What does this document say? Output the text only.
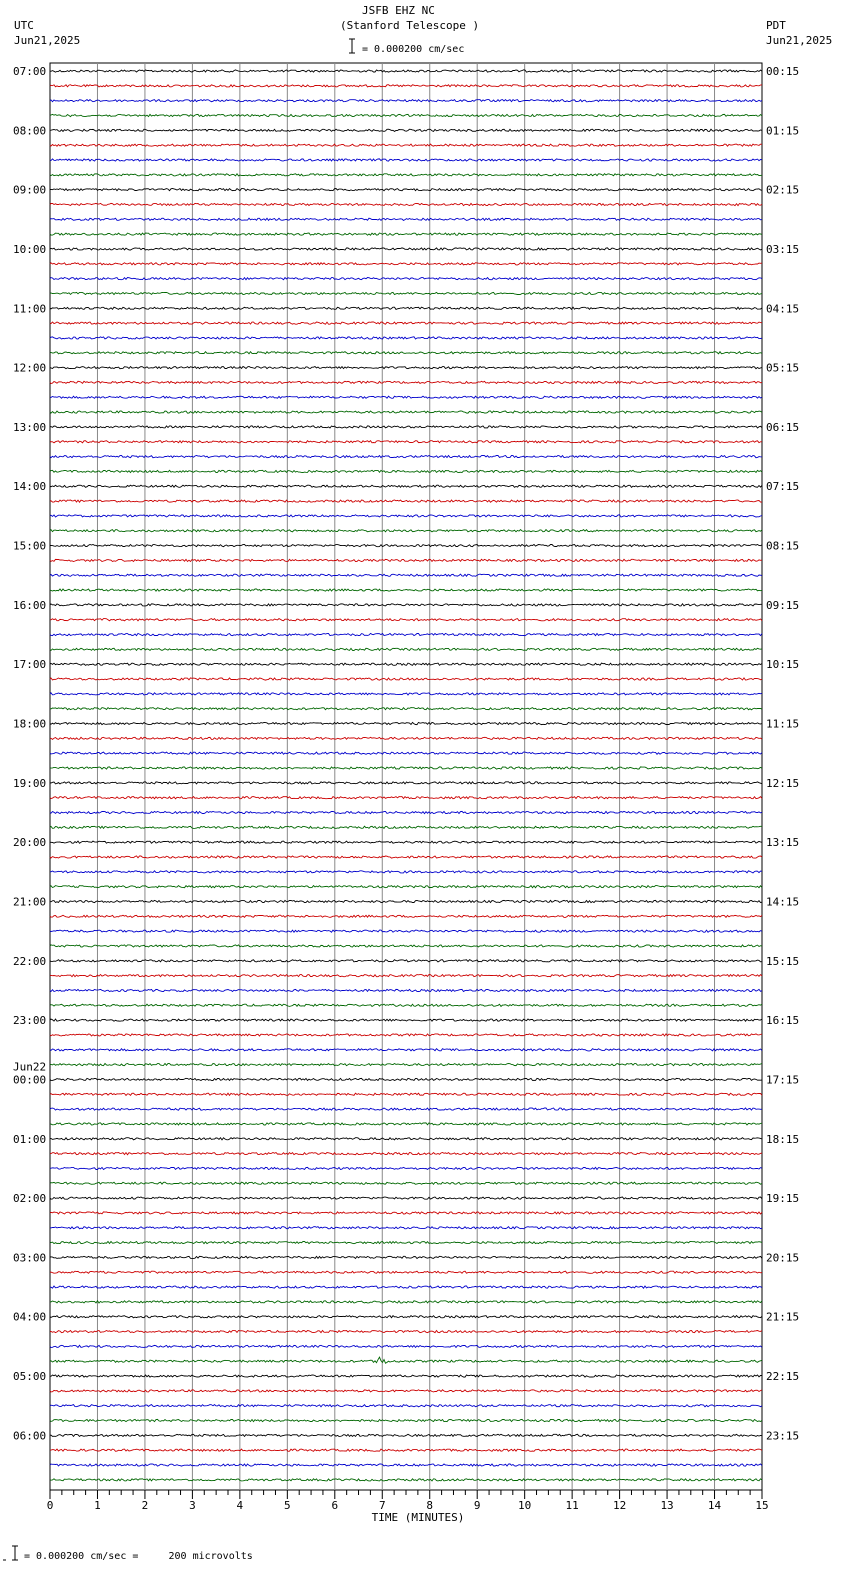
JSFB EHZ NC
(Stanford Telescope )
= 0.000200 cm/sec
UTC
Jun21,2025
PDT
Jun21,2025
07:00	00:15
08:00	01:15
09:00	02:15
10:00	03:15
11:00	04:15
12:00	05:15
13:00	06:15
14:00	07:15
15:00	08:15
16:00	09:15
17:00	10:15
18:00	11:15
19:00	12:15
20:00	13:15
21:00	14:15
22:00	15:15
23:00	16:15
00:00	17:15
Jun22
01:00	18:15
02:00	19:15
03:00	20:15
04:00	21:15
05:00	22:15
06:00	23:15
0	1	2	3	4	5	6	7	8	9	10	11	12	13	14	15
TIME (MINUTES)
= 0.000200 cm/sec =     200 microvolts
